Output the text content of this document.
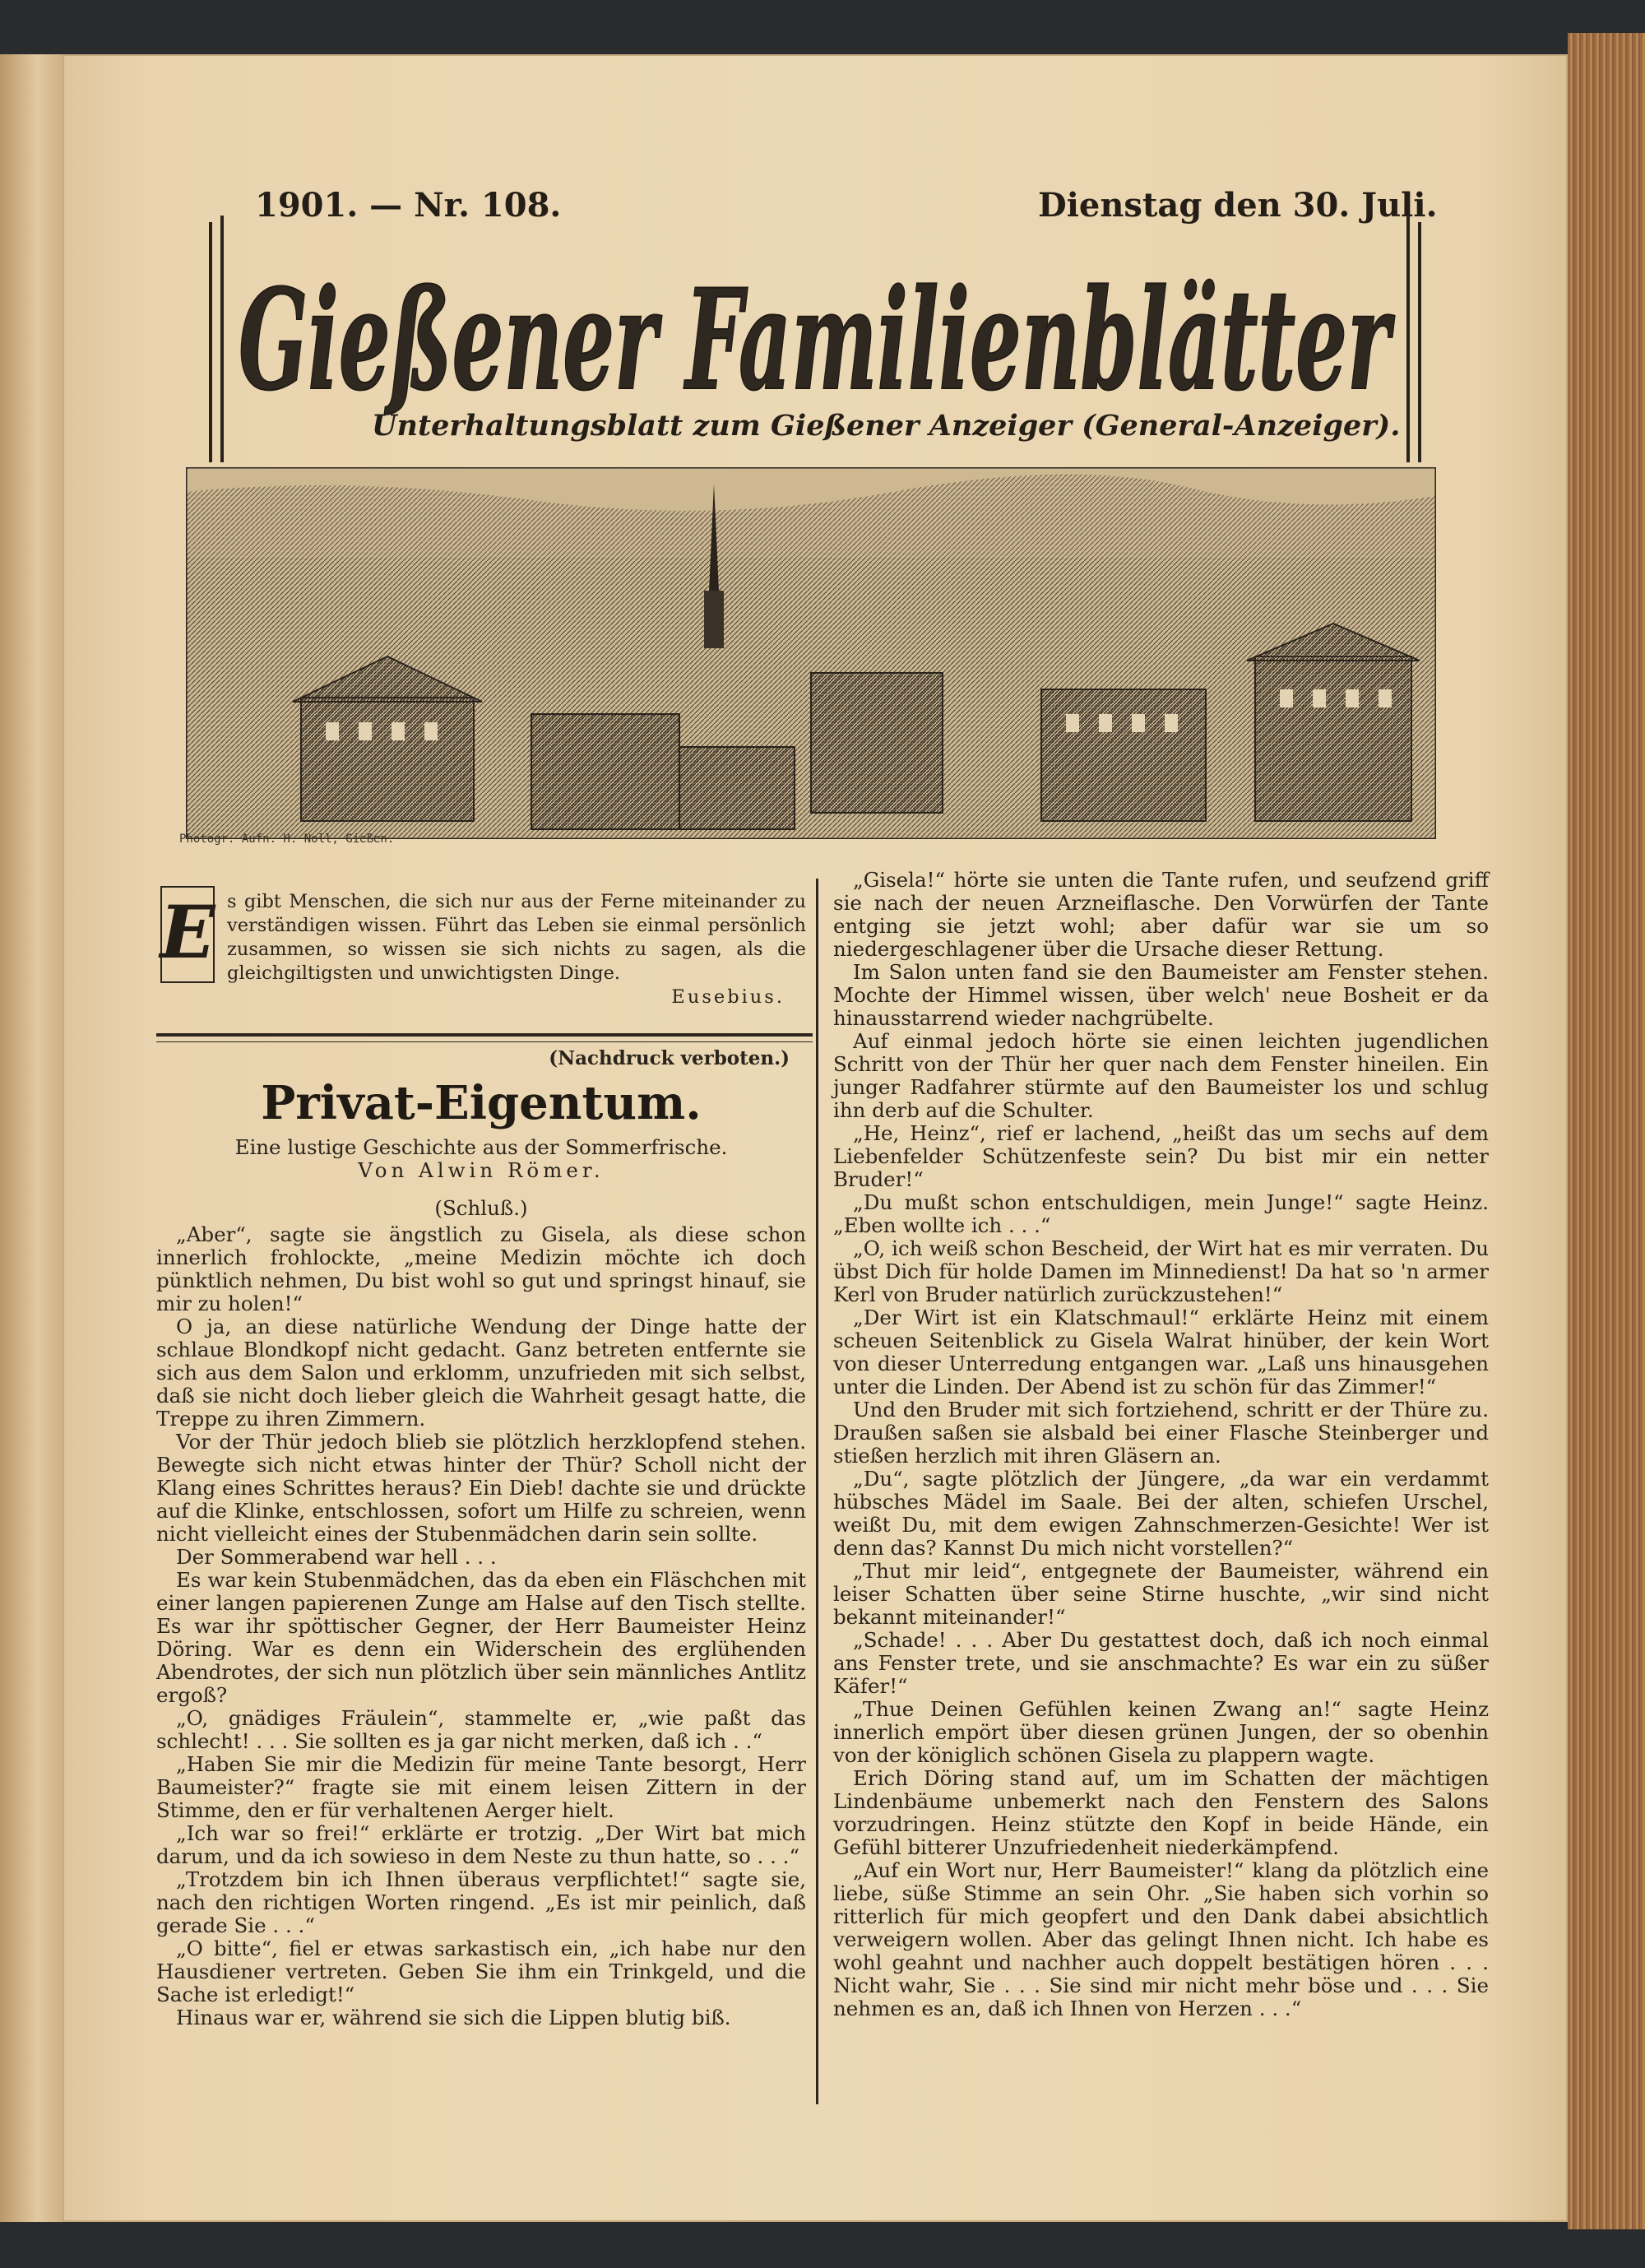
1901. — Nr. 108.	Dienstag den 30. Juli.
Gießener Familienblätter
Unterhaltungsblatt zum Gießener Anzeiger (General-Anzeiger).
Photogr. Aufn. H. Noll, Gießen.
E s gibt Menschen, die sich nur aus der Ferne miteinander zu verständigen wissen. Führt das Leben sie einmal persönlich zusammen, so wissen sie sich nichts zu sagen, als die gleichgiltigsten und unwichtigsten Dinge.

Eusebius.

(Nachdruck verboten.)

Privat-Eigentum.

Eine lustige Geschichte aus der Sommerfrische.

Von Alwin Römer.

(Schluß.)

„Aber“, sagte sie ängstlich zu Gisela, als diese schon innerlich frohlockte, „meine Medizin möchte ich doch pünktlich nehmen, Du bist wohl so gut und springst hinauf, sie mir zu holen!“

O ja, an diese natürliche Wendung der Dinge hatte der schlaue Blondkopf nicht gedacht. Ganz betreten entfernte sie sich aus dem Salon und erklomm, unzufrieden mit sich selbst, daß sie nicht doch lieber gleich die Wahrheit gesagt hatte, die Treppe zu ihren Zimmern.

Vor der Thür jedoch blieb sie plötzlich herzklopfend stehen. Bewegte sich nicht etwas hinter der Thür? Scholl nicht der Klang eines Schrittes heraus? Ein Dieb! dachte sie und drückte auf die Klinke, entschlossen, sofort um Hilfe zu schreien, wenn nicht vielleicht eines der Stubenmädchen darin sein sollte.

Der Sommerabend war hell . . .

Es war kein Stubenmädchen, das da eben ein Fläschchen mit einer langen papierenen Zunge am Halse auf den Tisch stellte. Es war ihr spöttischer Gegner, der Herr Baumeister Heinz Döring. War es denn ein Widerschein des erglühenden Abendrotes, der sich nun plötzlich über sein männliches Antlitz ergoß?

„O, gnädiges Fräulein“, stammelte er, „wie paßt das schlecht! . . . Sie sollten es ja gar nicht merken, daß ich . .“

„Haben Sie mir die Medizin für meine Tante besorgt, Herr Baumeister?“ fragte sie mit einem leisen Zittern in der Stimme, den er für verhaltenen Aerger hielt.

„Ich war so frei!“ erklärte er trotzig. „Der Wirt bat mich darum, und da ich sowieso in dem Neste zu thun hatte, so . . .“

„Trotzdem bin ich Ihnen überaus verpflichtet!“ sagte sie, nach den richtigen Worten ringend. „Es ist mir peinlich, daß gerade Sie . . .“

„O bitte“, fiel er etwas sarkastisch ein, „ich habe nur den Hausdiener vertreten. Geben Sie ihm ein Trinkgeld, und die Sache ist erledigt!“

Hinaus war er, während sie sich die Lippen blutig biß.

„Gisela!“ hörte sie unten die Tante rufen, und seufzend griff sie nach der neuen Arzneiflasche. Den Vorwürfen der Tante entging sie jetzt wohl; aber dafür war sie um so niedergeschlagener über die Ursache dieser Rettung.

Im Salon unten fand sie den Baumeister am Fenster stehen. Mochte der Himmel wissen, über welch' neue Bosheit er da hinausstarrend wieder nachgrübelte.

Auf einmal jedoch hörte sie einen leichten jugendlichen Schritt von der Thür her quer nach dem Fenster hineilen. Ein junger Radfahrer stürmte auf den Baumeister los und schlug ihn derb auf die Schulter.

„He, Heinz“, rief er lachend, „heißt das um sechs auf dem Liebenfelder Schützenfeste sein? Du bist mir ein netter Bruder!“

„Du mußt schon entschuldigen, mein Junge!“ sagte Heinz. „Eben wollte ich . . .“

„O, ich weiß schon Bescheid, der Wirt hat es mir verraten. Du übst Dich für holde Damen im Minnedienst! Da hat so 'n armer Kerl von Bruder natürlich zurückzustehen!“

„Der Wirt ist ein Klatschmaul!“ erklärte Heinz mit einem scheuen Seitenblick zu Gisela Walrat hinüber, der kein Wort von dieser Unterredung entgangen war. „Laß uns hinausgehen unter die Linden. Der Abend ist zu schön für das Zimmer!“

Und den Bruder mit sich fortziehend, schritt er der Thüre zu. Draußen saßen sie alsbald bei einer Flasche Steinberger und stießen herzlich mit ihren Gläsern an.

„Du“, sagte plötzlich der Jüngere, „da war ein verdammt hübsches Mädel im Saale. Bei der alten, schiefen Urschel, weißt Du, mit dem ewigen Zahnschmerzen-Gesichte! Wer ist denn das? Kannst Du mich nicht vorstellen?“

„Thut mir leid“, entgegnete der Baumeister, während ein leiser Schatten über seine Stirne huschte, „wir sind nicht bekannt miteinander!“

„Schade! . . . Aber Du gestattest doch, daß ich noch einmal ans Fenster trete, und sie anschmachte? Es war ein zu süßer Käfer!“

„Thue Deinen Gefühlen keinen Zwang an!“ sagte Heinz innerlich empört über diesen grünen Jungen, der so obenhin von der königlich schönen Gisela zu plappern wagte.

Erich Döring stand auf, um im Schatten der mächtigen Lindenbäume unbemerkt nach den Fenstern des Salons vorzudringen. Heinz stützte den Kopf in beide Hände, ein Gefühl bitterer Unzufriedenheit niederkämpfend.

„Auf ein Wort nur, Herr Baumeister!“ klang da plötzlich eine liebe, süße Stimme an sein Ohr. „Sie haben sich vorhin so ritterlich für mich geopfert und den Dank dabei absichtlich verweigern wollen. Aber das gelingt Ihnen nicht. Ich habe es wohl geahnt und nachher auch doppelt bestätigen hören . . . Nicht wahr, Sie . . . Sie sind mir nicht mehr böse und . . . Sie nehmen es an, daß ich Ihnen von Herzen . . .“
